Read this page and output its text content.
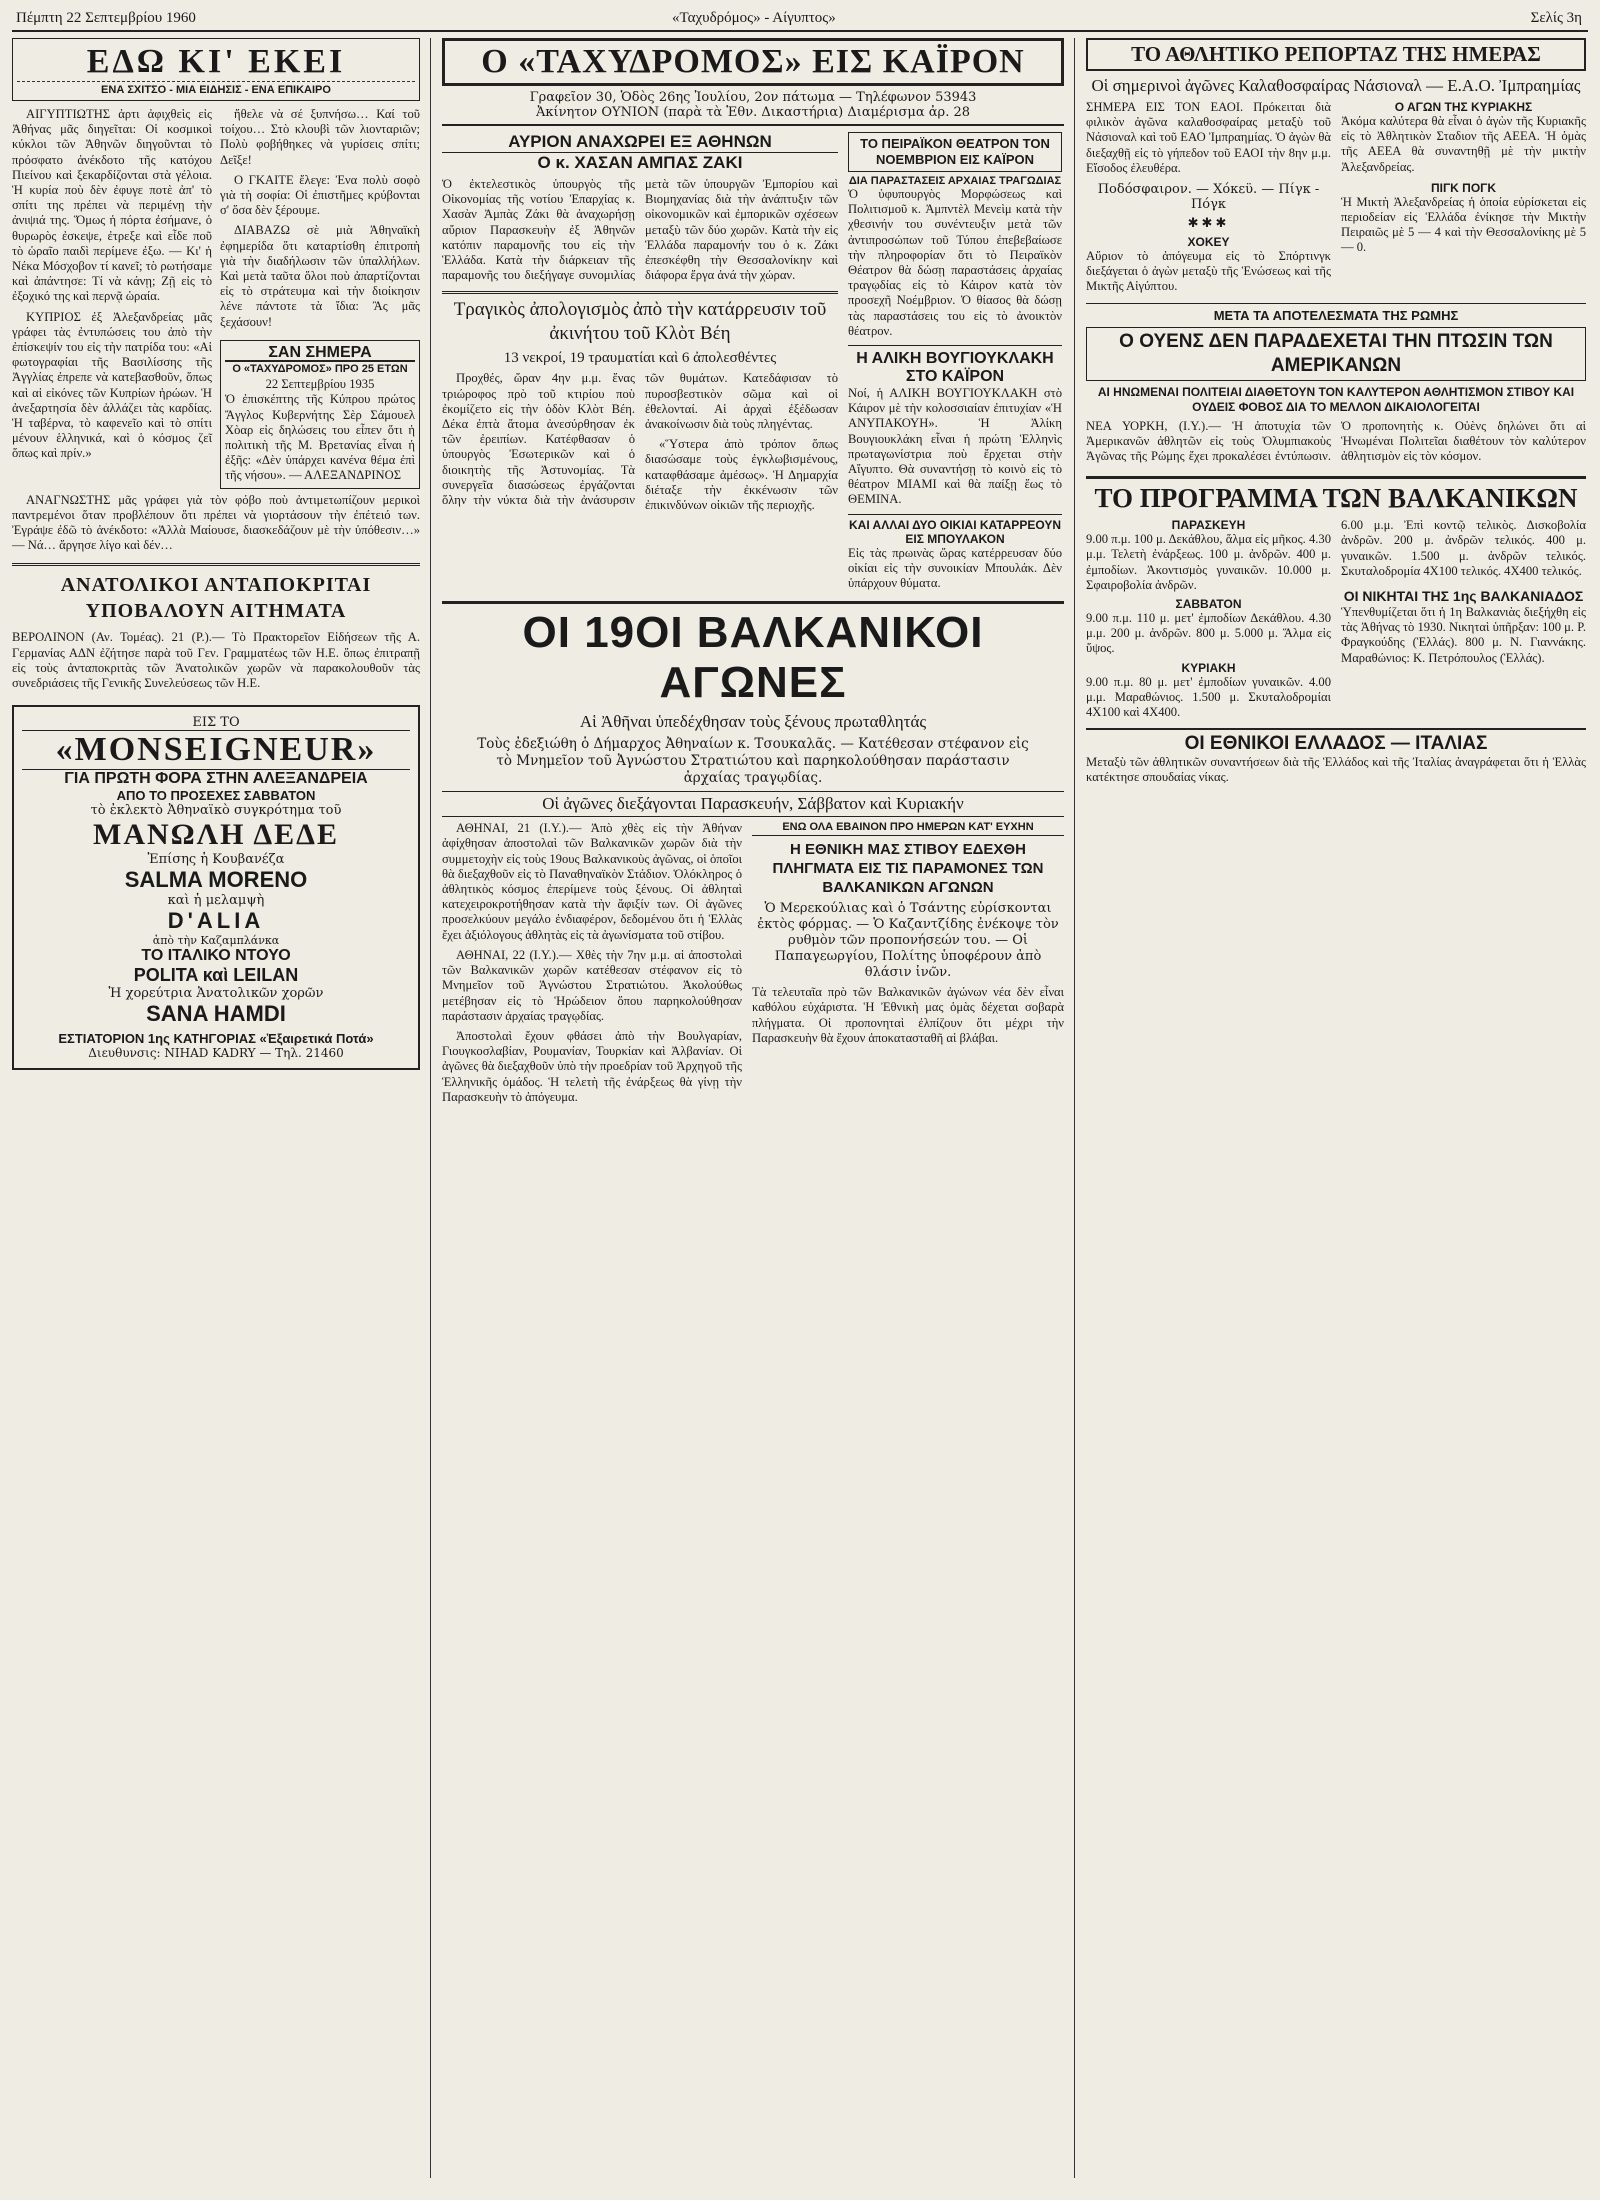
Πέμπτη 22 Σεπτεμβρίου 1960	«Ταχυδρόμος» - Αίγυπτος»	Σελίς 3η
ΕΔΩ ΚΙ' ΕΚΕΙ
ΕΝΑ ΣΧΙΤΣΟ - ΜΙΑ ΕΙΔΗΣΙΣ - ΕΝΑ ΕΠΙΚΑΙΡΟ

ΑΙΓΥΠΤΙΩΤΗΣ ἀρτι ἀφιχθεὶς εἰς Ἀθήνας μᾶς διηγεῖται: Οἱ κοσμικοὶ κύκλοι τῶν Ἀθηνῶν διηγοῦνται τὸ πρόσφατο ἀνέκδοτο τῆς κατόχου Πιείνου καὶ ξεκαρδίζονται στὰ γέλοια. Ἡ κυρία ποὺ δὲν ἐφυγε ποτὲ ἀπ' τὸ σπίτι της πρέπει νὰ περιμένῃ τὴν ἀνιψιά της. Ὅμως ἡ πόρτα ἐσήμανε, ὁ θυρωρὸς ἐσκεψε, ἐτρεξε καὶ εἶδε ποῦ τὸ ὡραῖο παιδὶ περίμενε ἐξω. — Κι' ἡ Νέκα Μόσχοβον τί κανεῖ; τὸ ρωτήσαμε καὶ ἀπάντησε: Τί νὰ κάνῃ; Ζῇ εἰς τὸ ἐξοχικό της καὶ περνᾷ ὡραία.

ΚΥΠΡΙΟΣ ἐξ Ἀλεξανδρείας μᾶς γράφει τὰς ἐντυπώσεις του ἀπὸ τὴν ἐπίσκεψίν του εἰς τὴν πατρίδα του: «Αἱ φωτογραφίαι τῆς Βασιλίσσης τῆς Ἀγγλίας ἐπρεπε νὰ κατεβασθοῦν, ὅπως καὶ αἱ εἰκόνες τῶν Κυπρίων ἡρώων. Ἡ ἀνεξαρτησία δὲν ἀλλάζει τὰς καρδίας. Ἡ ταβέρνα, τὸ καφενεῖο καὶ τὸ σπίτι μένουν ἑλληνικά, καὶ ὁ κόσμος ζεῖ ὅπως καὶ πρίν.»

ἤθελε νὰ σέ ξυπνήσω… Καί τοῦ τοίχου… Στὸ κλουβὶ τῶν λιονταριῶν; Πολὺ φοβήθηκες νὰ γυρίσεις σπίτι; Δεῖξε!

Ο ΓΚΑΙΤΕ ἔλεγε: Ἐνα πολὺ σοφὸ γιὰ τὴ σοφία: Οἱ ἐπιστῆμες κρύβονται σ' ὅσα δὲν ξέρουμε.

ΔΙΑΒΑΖΩ σὲ μιὰ Ἀθηναϊκὴ ἐφημερίδα ὅτι καταρτίσθη ἐπιτροπὴ γιὰ τὴν διαδήλωσιν τῶν ὑπαλλήλων. Καὶ μετὰ ταῦτα ὅλοι ποὺ ἀπαρτίζονται εἰς τὸ στράτευμα καὶ τὴν διοίκησιν λένε πάντοτε τὰ ἴδια: Ἂς μᾶς ξεχάσουν!

ΣΑΝ ΣΗΜΕΡΑ
Ο «ΤΑΧΥΔΡΟΜΟΣ» ΠΡΟ 25 ΕΤΩΝ
22 Σεπτεμβρίου 1935
Ὁ ἐπισκέπτης τῆς Κύπρου πρώτος Ἄγγλος Κυβερνήτης Σὲρ Σάμουελ Χὸαρ εἰς δηλώσεις του εἶπεν ὅτι ἡ πολιτικὴ τῆς Μ. Βρετανίας εἶναι ἡ ἐξῆς: «Δὲν ὑπάρχει κανένα θέμα ἐπὶ τῆς νήσου». — ΑΛΕΞΑΝΔΡΙΝΟΣ

ΑΝΑΓΝΩΣΤΗΣ μᾶς γράφει γιὰ τὸν φόβο ποὺ ἀντιμετωπίζουν μερικοὶ παντρεμένοι ὅταν προβλέπουν ὅτι πρέπει νὰ γιορτάσουν τὴν ἐπέτειό των. Ἐγράψε ἐδῶ τὸ ἀνέκδοτο: «Ἀλλὰ Μαίουσε, διασκεδάζουν μὲ τὴν ὑπόθεσιν…» — Νά… ἄργησε λίγο καὶ δέν…

ΑΝΑΤΟΛΙΚΟΙ ΑΝΤΑΠΟΚΡΙΤΑΙ ΥΠΟΒΑΛΟΥΝ ΑΙΤΗΜΑΤΑ
ΒΕΡΟΛΙΝΟΝ (Αν. Τομέας). 21 (Ρ.).— Τὸ Πρακτορεῖον Εἰδήσεων τῆς Α. Γερμανίας ΑΔΝ ἐζήτησε παρὰ τοῦ Γεν. Γραμματέως τῶν Η.Ε. ὅπως ἐπιτραπῇ εἰς τοὺς ἀνταποκριτὰς τῶν Ἀνατολικῶν χωρῶν νὰ παρακολουθοῦν τὰς συνεδριάσεις τῆς Γενικῆς Συνελεύσεως τῶν Η.Ε.
ΕΙΣ ΤΟ
«MONSEIGNEUR»
ΓΙΑ ΠΡΩΤΗ ΦΟΡΑ ΣΤΗΝ ΑΛΕΞΑΝΔΡΕΙΑ
ΑΠΟ ΤΟ ΠΡΟΣΕΧΕΣ ΣΑΒΒΑΤΟΝ
τὸ ἐκλεκτὸ Ἀθηναϊκὸ συγκρότημα τοῦ
ΜΑΝΩΛΗ ΔΕΔΕ
Ἐπίσης ἡ Κουβανέζα
SALMA MORENO
καὶ ἡ μελαμψὴ
D'ALIA
ἀπὸ τὴν Καζαμπλάνκα
ΤΟ ΙΤΑΛΙΚΟ ΝΤΟΥΟ
POLITA καὶ LEILAN
Ἡ χορεύτρια Ἀνατολικῶν χορῶν
SANA HAMDI
ΕΣΤΙΑΤΟΡΙΟΝ 1ης ΚΑΤΗΓΟΡΙΑΣ «Ἐξαιρετικά Ποτά»
Διευθυνσις: NIHAD KADRY — Τηλ. 21460
Ο «ΤΑΧΥΔΡΟΜΟΣ» ΕΙΣ ΚΑΪΡΟΝ
Γραφεῖον 30, Ὁδὸς 26ης Ἰουλίου, 2ον πάτωμα — Τηλέφωνον 53943
Ἀκίνητον ΟΥΝΙΟΝ (παρὰ τὰ Ἐθν. Δικαστήρια) Διαμέρισμα ἀρ. 28
ΑΥΡΙΟΝ ΑΝΑΧΩΡΕΙ ΕΞ ΑΘΗΝΩΝ
Ο κ. ΧΑΣΑΝ ΑΜΠΑΣ ΖΑΚΙ
Ὁ ἐκτελεστικὸς ὑπουργὸς τῆς Οἰκονομίας τῆς νοτίου Ἐπαρχίας κ. Χασὰν Ἀμπὰς Ζάκι θὰ ἀναχωρήσῃ αὔριον Παρασκευὴν ἐξ Ἀθηνῶν κατόπιν παραμονῆς του εἰς τὴν Ἑλλάδα. Κατὰ τὴν διάρκειαν τῆς παραμονῆς του διεξήγαγε συνομιλίας μετὰ τῶν ὑπουργῶν Ἐμπορίου καὶ Βιομηχανίας διὰ τὴν ἀνάπτυξιν τῶν οἰκονομικῶν καὶ ἐμπορικῶν σχέσεων μεταξὺ τῶν δύο χωρῶν. Κατὰ τὴν εἰς Ἑλλάδα παραμονήν του ὁ κ. Ζάκι ἐπεσκέφθη τὴν Θεσσαλονίκην καὶ διάφορα ἔργα ἀνά τὴν χώραν.
Τραγικὸς ἀπολογισμὸς ἀπὸ τὴν κατάρρευσιν τοῦ ἀκινήτου τοῦ Κλὸτ Βέη
13 νεκροί, 19 τραυματίαι καὶ 6 ἀπολεσθέντες

Προχθές, ὥραν 4ην μ.μ. ἕνας τριώροφος πρὸ τοῦ κτιρίου ποὺ ἐκομίζετο εἰς τὴν ὁδὸν Κλὸτ Βέη. Δέκα ἐπτὰ ἄτομα ἀνεσύρθησαν ἐκ τῶν ἐρειπίων. Κατέφθασαν ὁ ὑπουργὸς Ἐσωτερικῶν καὶ ὁ διοικητὴς τῆς Ἀστυνομίας. Τὰ συνεργεῖα διασώσεως ἐργάζονται ὅλην τὴν νύκτα διὰ τὴν ἀνάσυρσιν τῶν θυμάτων. Κατεδάφισαν τὸ πυροσβεστικὸν σῶμα καὶ οἱ ἐθελονταί. Αἱ ἀρχαὶ ἐξέδωσαν ἀνακοίνωσιν διὰ τοὺς πληγέντας.

«Ὕστερα ἀπὸ τρόπον ὅπως διασώσαμε τοὺς ἐγκλωβισμένους, καταφθάσαμε ἀμέσως». Ἡ Δημαρχία διέταξε τὴν ἐκκένωσιν τῶν ἐπικινδύνων οἰκιῶν τῆς περιοχῆς.

ΤΟ ΠΕΙΡΑΪΚΟΝ ΘΕΑΤΡΟΝ ΤΟΝ ΝΟΕΜΒΡΙΟΝ ΕΙΣ ΚΑΪΡΟΝ
ΔΙΑ ΠΑΡΑΣΤΑΣΕΙΣ ΑΡΧΑΙΑΣ ΤΡΑΓΩΔΙΑΣ
Ὁ ὑφυπουργὸς Μορφώσεως καὶ Πολιτισμοῦ κ. Ἀμπντὲλ Μενεὶμ κατὰ τὴν χθεσινήν του συνέντευξιν μετὰ τῶν ἀντιπροσώπων τοῦ Τύπου ἐπεβεβαίωσε τὴν πληροφορίαν ὅτι τὸ Πειραϊκὸν Θέατρον θὰ δώσῃ παραστάσεις ἀρχαίας τραγῳδίας εἰς τὸ Κάιρον κατὰ τὸν προσεχῆ Νοέμβριον. Ὁ θίασος θὰ δώσῃ τὰς παραστάσεις του εἰς τὸ ἀνοικτὸν θέατρον.
Η ΑΛΙΚΗ ΒΟΥΓΙΟΥΚΛΑΚΗ ΣΤΟ ΚΑΪΡΟΝ
Νοί, ἡ ΑΛΙΚΗ ΒΟΥΓΙΟΥΚΛΑΚΗ στὸ Κάιρον μὲ τὴν κολοσσιαίαν ἐπιτυχίαν «Ἡ ΑΝΥΠΑΚΟΥΗ». Ἡ Ἀλίκη Βουγιουκλάκη εἶναι ἡ πρώτη Ἑλληνὶς πρωταγωνίστρια ποὺ ἔρχεται στὴν Αἴγυπτο. Θὰ συναντήσῃ τὸ κοινὸ εἰς τὸ θέατρον ΜΙΑΜΙ καὶ θὰ παίξῃ ἕως τὸ ΘΕΜΙΝΑ.
ΚΑΙ ΑΛΛΑΙ ΔΥΟ ΟΙΚΙΑΙ ΚΑΤΑΡΡΕΟΥΝ ΕΙΣ ΜΠΟΥΛΑΚΟΝ
Εἰς τὰς πρωινὰς ὥρας κατέρρευσαν δύο οἰκίαι εἰς τὴν συνοικίαν Μπουλάκ. Δὲν ὑπάρχουν θύματα.
ΟΙ 19ΟΙ ΒΑΛΚΑΝΙΚΟΙ ΑΓΩΝΕΣ
Αἱ Ἀθῆναι ὑπεδέχθησαν τοὺς ξένους πρωταθλητάς
Τοὺς ἐδεξιώθη ὁ Δήμαρχος Ἀθηναίων κ. Τσουκαλᾶς. — Κατέθεσαν στέφανον εἰς τὸ Μνημεῖον τοῦ Ἀγνώστου Στρατιώτου καὶ παρηκολούθησαν παράστασιν ἀρχαίας τραγῳδίας.
Οἱ ἀγῶνες διεξάγονται Παρασκευήν, Σάββατον καὶ Κυριακήν

ΑΘΗΝΑΙ, 21 (Ι.Υ.).— Ἀπὸ χθὲς εἰς τὴν Ἀθήναν ἀφίχθησαν ἀποστολαὶ τῶν Βαλκανικῶν χωρῶν διὰ τὴν συμμετοχὴν εἰς τοὺς 19ους Βαλκανικοὺς ἀγῶνας, οἱ ὁποῖοι θὰ διεξαχθοῦν εἰς τὸ Παναθηναϊκὸν Στάδιον. Ὁλόκληρος ὁ ἀθλητικὸς κόσμος ἐπερίμενε τοὺς ξένους. Οἱ ἀθληταὶ κατεχειροκροτήθησαν κατὰ τὴν ἄφιξίν των. Οἱ ἀγῶνες προσελκύουν μεγάλο ἐνδιαφέρον, δεδομένου ὅτι ἡ Ἑλλὰς ἔχει ἀξιόλογους ἀθλητὰς εἰς τὰ ἀγωνίσματα τοῦ στίβου.

ΑΘΗΝΑΙ, 22 (Ι.Υ.).— Χθὲς τὴν 7ην μ.μ. αἱ ἀποστολαὶ τῶν Βαλκανικῶν χωρῶν κατέθεσαν στέφανον εἰς τὸ Μνημεῖον τοῦ Ἀγνώστου Στρατιώτου. Ἀκολούθως μετέβησαν εἰς τὸ Ἡρώδειον ὅπου παρηκολούθησαν παράστασιν ἀρχαίας τραγῳδίας.

Ἀποστολαὶ ἔχουν φθάσει ἀπὸ τὴν Βουλγαρίαν, Γιουγκοσλαβίαν, Ρουμανίαν, Τουρκίαν καὶ Ἀλβανίαν. Οἱ ἀγῶνες θὰ διεξαχθοῦν ὑπὸ τὴν προεδρίαν τοῦ Ἀρχηγοῦ τῆς Ἑλληνικῆς ὁμάδος. Ἡ τελετὴ τῆς ἐνάρξεως θὰ γίνῃ τὴν Παρασκευὴν τὸ ἀπόγευμα.

ΕΝΩ ΟΛΑ ΕΒΑΙΝΟΝ ΠΡΟ ΗΜΕΡΩΝ ΚΑΤ' ΕΥΧΗΝ
Η ΕΘΝΙΚΗ ΜΑΣ ΣΤΙΒΟΥ ΕΔΕΧΘΗ ΠΛΗΓΜΑΤΑ ΕΙΣ ΤΙΣ ΠΑΡΑΜΟΝΕΣ ΤΩΝ ΒΑΛΚΑΝΙΚΩΝ ΑΓΩΝΩΝ
Ὁ Μερεκούλιας καὶ ὁ Τσάντης εὑρίσκονται ἐκτὸς φόρμας. — Ὁ Καζαντζίδης ἐνέκοψε τὸν ρυθμὸν τῶν προπονήσεών του. — Οἱ Παπαγεωργίου, Πολίτης ὑποφέρουν ἀπὸ θλάσιν ἰνῶν.
Τὰ τελευταῖα πρὸ τῶν Βαλκανικῶν ἀγώνων νέα δὲν εἶναι καθόλου εὐχάριστα. Ἡ Ἐθνικὴ μας ὁμὰς δέχεται σοβαρὰ πλήγματα. Οἱ προπονηταὶ ἐλπίζουν ὅτι μέχρι τὴν Παρασκευὴν θὰ ἔχουν ἀποκατασταθῆ αἱ βλάβαι.
ΤΟ ΑΘΛΗΤΙΚΟ ΡΕΠΟΡΤΑΖ ΤΗΣ ΗΜΕΡΑΣ
Οἱ σημερινοὶ ἀγῶνες Καλαθοσφαίρας Νάσιοναλ — Ε.Α.Ο. Ἰμπραημίας
ΣΗΜΕΡΑ ΕΙΣ ΤΟΝ ΕΑΟΙ. Πρόκειται διὰ φιλικὸν ἀγῶνα καλαθοσφαίρας μεταξὺ τοῦ Νάσιοναλ καὶ τοῦ ΕΑΟ Ἰμπραημίας. Ὁ ἀγὼν θὰ διεξαχθῇ εἰς τὸ γήπεδον τοῦ ΕΑΟΙ τὴν 8ην μ.μ. Εἴσοδος ἐλευθέρα.
Ποδόσφαιρον. — Χόκεϋ. — Πίγκ - Πόγκ
✱✱✱
ΧΟΚΕΥ
Αὔριον τὸ ἀπόγευμα εἰς τὸ Σπόρτινγκ διεξάγεται ὁ ἀγὼν μεταξὺ τῆς Ἑνώσεως καὶ τῆς Μικτῆς Αἰγύπτου.
Ο ΑΓΩΝ ΤΗΣ ΚΥΡΙΑΚΗΣ
Ἀκόμα καλύτερα θὰ εἶναι ὁ ἀγὼν τῆς Κυριακῆς εἰς τὸ Ἀθλητικὸν Σταδιον τῆς ΑΕΕΑ. Ἡ ὁμὰς τῆς ΑΕΕΑ θὰ συναντηθῇ μὲ τὴν μικτὴν Ἀλεξανδρείας.
ΠΙΓΚ ΠΟΓΚ
Ἡ Μικτὴ Ἀλεξανδρείας ἡ ὁποία εὑρίσκεται εἰς περιοδείαν εἰς Ἑλλάδα ἐνίκησε τὴν Μικτὴν Πειραιῶς μὲ 5 — 4 καὶ τὴν Θεσσαλονίκης μὲ 5 — 0.
ΜΕΤΑ ΤΑ ΑΠΟΤΕΛΕΣΜΑΤΑ ΤΗΣ ΡΩΜΗΣ
Ο ΟΥΕΝΣ ΔΕΝ ΠΑΡΑΔΕΧΕΤΑΙ ΤΗΝ ΠΤΩΣΙΝ ΤΩΝ ΑΜΕΡΙΚΑΝΩΝ
ΑΙ ΗΝΩΜΕΝΑΙ ΠΟΛΙΤΕΙΑΙ ΔΙΑΘΕΤΟΥΝ ΤΟΝ ΚΑΛΥΤΕΡΟΝ ΑΘΛΗΤΙΣΜΟΝ ΣΤΙΒΟΥ ΚΑΙ ΟΥΔΕΙΣ ΦΟΒΟΣ ΔΙΑ ΤΟ ΜΕΛΛΟΝ ΔΙΚΑΙΟΛΟΓΕΙΤΑΙ
ΝΕΑ ΥΟΡΚΗ, (Ι.Υ.).— Ἡ ἀποτυχία τῶν Ἀμερικανῶν ἀθλητῶν εἰς τοὺς Ὀλυμπιακοὺς Ἀγῶνας τῆς Ρώμης ἔχει προκαλέσει ἐντύπωσιν. Ὁ προπονητὴς κ. Οὐὲνς δηλώνει ὅτι αἱ Ἡνωμέναι Πολιτεῖαι διαθέτουν τὸν καλύτερον ἀθλητισμὸν εἰς τὸν κόσμον.
ΤΟ ΠΡΟΓΡΑΜΜΑ ΤΩΝ ΒΑΛΚΑΝΙΚΩΝ
ΠΑΡΑΣΚΕΥΗ
9.00 π.μ. 100 μ. Δεκάθλου, ἅλμα εἰς μῆκος. 4.30 μ.μ. Τελετὴ ἐνάρξεως. 100 μ. ἀνδρῶν. 400 μ. ἐμποδίων. Ἀκοντισμὸς γυναικῶν. 10.000 μ. Σφαιροβολία ἀνδρῶν.
ΣΑΒΒΑΤΟΝ
9.00 π.μ. 110 μ. μετ' ἐμποδίων Δεκάθλου. 4.30 μ.μ. 200 μ. ἀνδρῶν. 800 μ. 5.000 μ. Ἅλμα εἰς ὕψος.
ΚΥΡΙΑΚΗ
9.00 π.μ. 80 μ. μετ' ἐμποδίων γυναικῶν. 4.00 μ.μ. Μαραθώνιος. 1.500 μ. Σκυταλοδρομίαι 4Χ100 καὶ 4Χ400.
6.00 μ.μ. Ἐπὶ κοντῷ τελικὸς. Δισκοβολία ἀνδρῶν. 200 μ. ἀνδρῶν τελικός. 400 μ. γυναικῶν. 1.500 μ. ἀνδρῶν τελικός. Σκυταλοδρομία 4Χ100 τελικός. 4Χ400 τελικός.
ΟΙ ΝΙΚΗΤΑΙ ΤΗΣ 1ης ΒΑΛΚΑΝΙΑΔΟΣ
Ὑπενθυμίζεται ὅτι ἡ 1η Βαλκανιὰς διεξήχθη εἰς τὰς Ἀθήνας τὸ 1930. Νικηταὶ ὑπῆρξαν: 100 μ. Ρ. Φραγκούδης (Ἑλλάς). 800 μ. Ν. Γιαννάκης. Μαραθώνιος: Κ. Πετρόπουλος (Ἑλλάς).
ΟΙ ΕΘΝΙΚΟΙ ΕΛΛΑΔΟΣ — ΙΤΑΛΙΑΣ
Μεταξὺ τῶν ἀθλητικῶν συναντήσεων διὰ τῆς Ἑλλάδος καὶ τῆς Ἰταλίας ἀναγράφεται ὅτι ἡ Ἑλλὰς κατέκτησε σπουδαίας νίκας.
